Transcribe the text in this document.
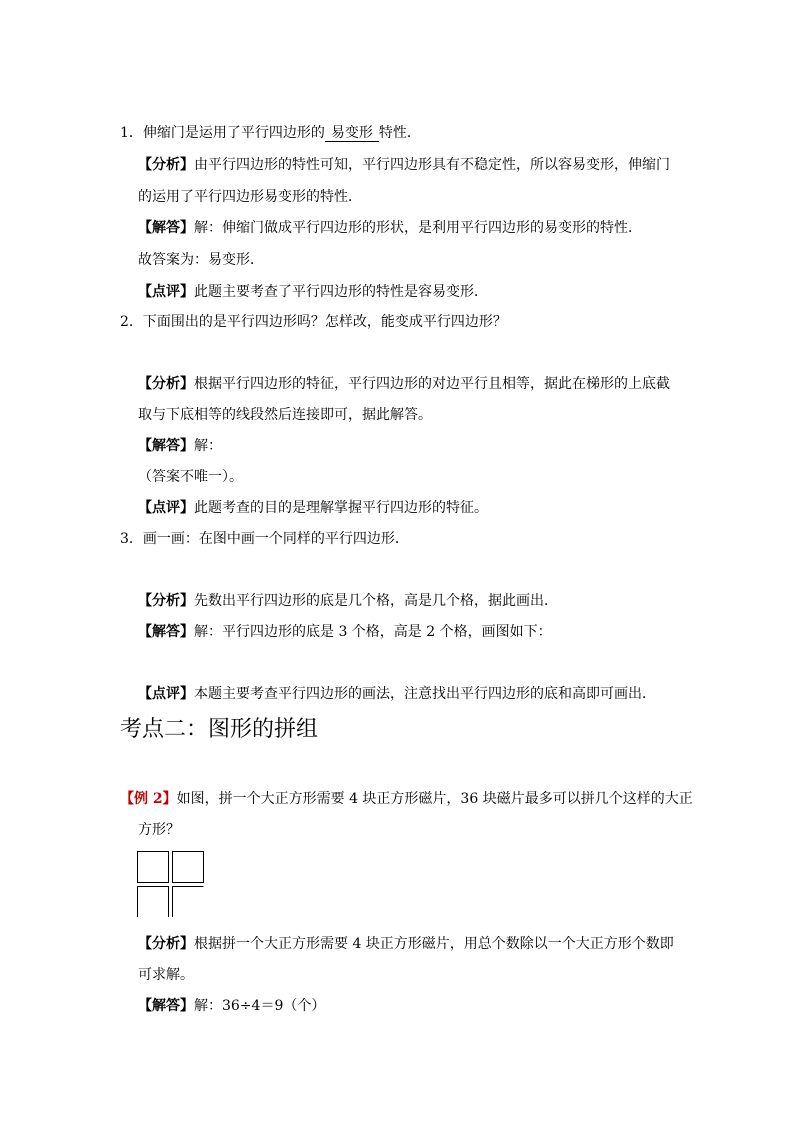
1．伸缩门是运用了平行四边形的 易变形 特性．
【分析】由平行四边形的特性可知，平行四边形具有不稳定性，所以容易变形，伸缩门
的运用了平行四边形易变形的特性．
【解答】解：伸缩门做成平行四边形的形状，是利用平行四边形的易变形的特性．
故答案为：易变形．
【点评】此题主要考查了平行四边形的特性是容易变形．
2．下面围出的是平行四边形吗？怎样改，能变成平行四边形？
【分析】根据平行四边形的特征，平行四边形的对边平行且相等，据此在梯形的上底截
取与下底相等的线段然后连接即可，据此解答。
【解答】解：
（答案不唯一）。
【点评】此题考查的目的是理解掌握平行四边形的特征。
3．画一画：在图中画一个同样的平行四边形．
【分析】先数出平行四边形的底是几个格，高是几个格，据此画出．
【解答】解：平行四边形的底是 3 个格，高是 2 个格，画图如下：
【点评】本题主要考查平行四边形的画法，注意找出平行四边形的底和高即可画出．
考点二：图形的拼组
【例 2】如图，拼一个大正方形需要 4 块正方形磁片，36 块磁片最多可以拼几个这样的大正
方形？
【分析】根据拼一个大正方形需要 4 块正方形磁片，用总个数除以一个大正方形个数即
可求解。
【解答】解：36÷4＝9（个）
